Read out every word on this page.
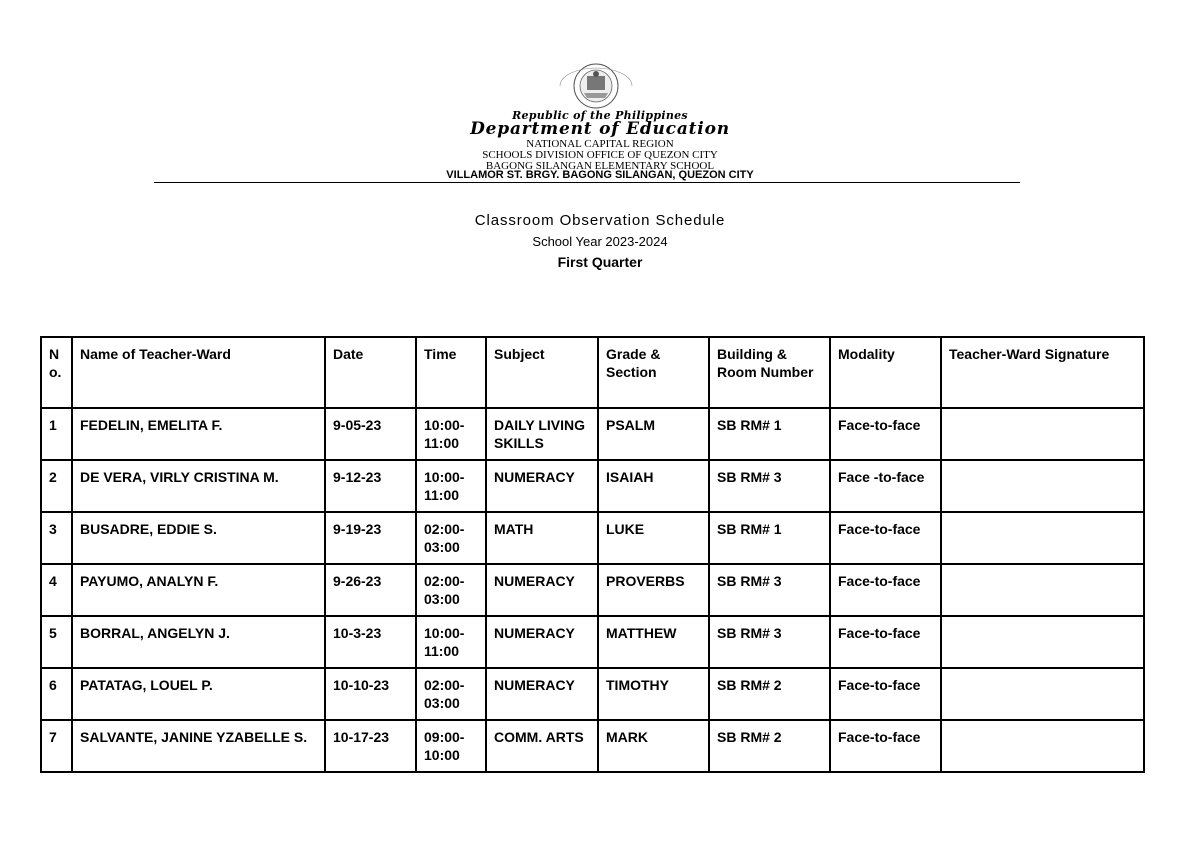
Republic of the Philippines
Department of Education
NATIONAL CAPITAL REGION
SCHOOLS DIVISION OFFICE OF QUEZON CITY
BAGONG SILANGAN ELEMENTARY SCHOOL
VILLAMOR ST. BRGY. BAGONG SILANGAN, QUEZON CITY
Classroom Observation Schedule
School Year 2023-2024
First Quarter
N o.	Name of Teacher-Ward	Date	Time	Subject	Grade & Section	Building & Room Number	Modality	Teacher-Ward Signature
1	FEDELIN, EMELITA F.	9-05-23	10:00-11:00	DAILY LIVING SKILLS	PSALM	SB RM# 1	Face-to-face	
2	DE VERA, VIRLY CRISTINA M.	9-12-23	10:00-11:00	NUMERACY	ISAIAH	SB RM# 3	Face -to-face	
3	BUSADRE, EDDIE S.	9-19-23	02:00-03:00	MATH	LUKE	SB RM# 1	Face-to-face	
4	PAYUMO, ANALYN F.	9-26-23	02:00-03:00	NUMERACY	PROVERBS	SB RM# 3	Face-to-face	
5	BORRAL, ANGELYN J.	10-3-23	10:00-11:00	NUMERACY	MATTHEW	SB RM# 3	Face-to-face	
6	PATATAG, LOUEL P.	10-10-23	02:00-03:00	NUMERACY	TIMOTHY	SB RM# 2	Face-to-face	
7	SALVANTE, JANINE YZABELLE S.	10-17-23	09:00-10:00	COMM. ARTS	MARK	SB RM# 2	Face-to-face	
